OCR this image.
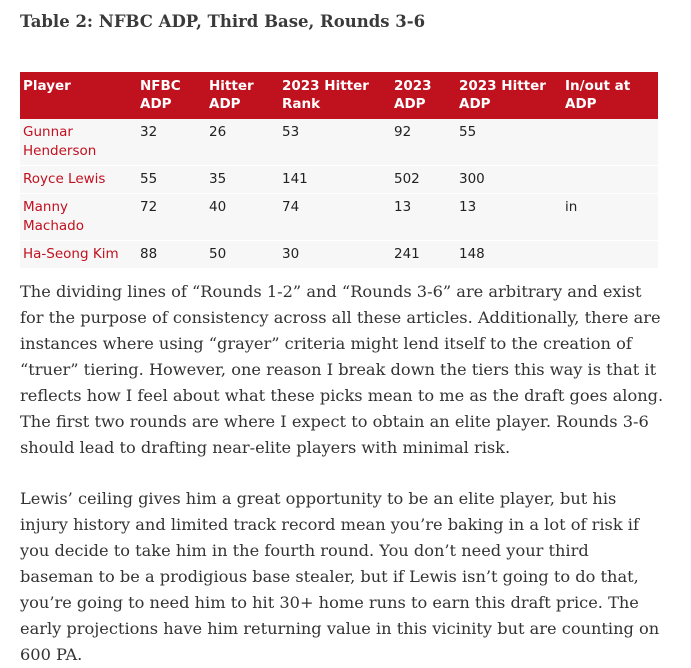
Table 2: NFBC ADP, Third Base, Rounds 3-6
Player	NFBC ADP	Hitter ADP	2023 Hitter Rank	2023 ADP	2023 Hitter ADP	In/out at ADP
Gunnar Henderson	32	26	53	92	55	
Royce Lewis	55	35	141	502	300	
Manny Machado	72	40	74	13	13	in
Ha-Seong Kim	88	50	30	241	148	

The dividing lines of “Rounds 1-2” and “Rounds 3-6” are arbitrary and exist for the purpose of consistency across all these articles. Additionally, there are instances where using “grayer” criteria might lend itself to the creation of “truer” tiering. However, one reason I break down the tiers this way is that it reflects how I feel about what these picks mean to me as the draft goes along. The first two rounds are where I expect to obtain an elite player. Rounds 3-6 should lead to drafting near-elite players with minimal risk.

Lewis’ ceiling gives him a great opportunity to be an elite player, but his injury history and limited track record mean you’re baking in a lot of risk if you decide to take him in the fourth round. You don’t need your third baseman to be a prodigious base stealer, but if Lewis isn’t going to do that, you’re going to need him to hit 30+ home runs to earn this draft price. The early projections have him returning value in this vicinity but are counting on 600 PA.
